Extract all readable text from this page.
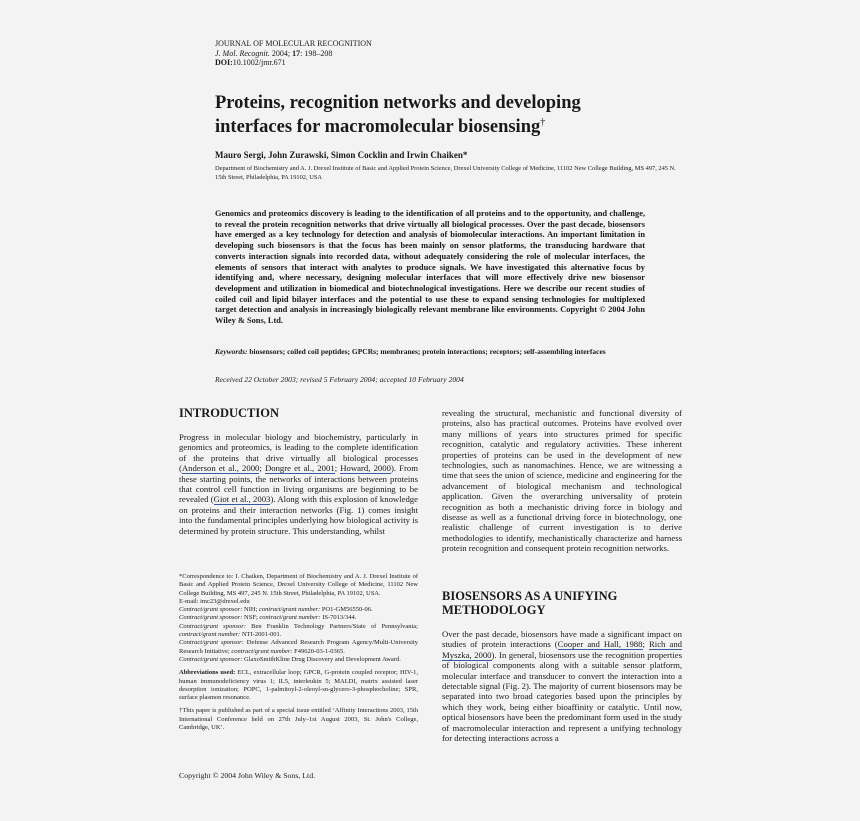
JOURNAL OF MOLECULAR RECOGNITION
J. Mol. Recognit. 2004; 17: 198–208
DOI:10.1002/jmr.671
Proteins, recognition networks and developing interfaces for macromolecular biosensing†
Mauro Sergi, John Zurawski, Simon Cocklin and Irwin Chaiken*
Department of Biochemistry and A. J. Drexel Institute of Basic and Applied Protein Science, Drexel University College of Medicine, 11102 New College Building, MS 497, 245 N. 15th Street, Philadelphia, PA 19102, USA
Genomics and proteomics discovery is leading to the identification of all proteins and to the opportunity, and challenge, to reveal the protein recognition networks that drive virtually all biological processes. Over the past decade, biosensors have emerged as a key technology for detection and analysis of biomolecular interactions. An important limitation in developing such biosensors is that the focus has been mainly on sensor platforms, the transducing hardware that converts interaction signals into recorded data, without adequately considering the role of molecular interfaces, the elements of sensors that interact with analytes to produce signals. We have investigated this alternative focus by identifying and, where necessary, designing molecular interfaces that will more effectively drive new biosensor development and utilization in biomedical and biotechnological investigations. Here we describe our recent studies of coiled coil and lipid bilayer interfaces and the potential to use these to expand sensing technologies for multiplexed target detection and analysis in increasingly biologically relevant membrane like environments. Copyright © 2004 John Wiley & Sons, Ltd.
Keywords: biosensors; coiled coil peptides; GPCRs; membranes; protein interactions; receptors; self-assembling interfaces
Received 22 October 2003; revised 5 February 2004; accepted 10 February 2004
INTRODUCTION
Progress in molecular biology and biochemistry, particularly in genomics and proteomics, is leading to the complete identification of the proteins that drive virtually all biological processes (Anderson et al., 2000; Dongre et al., 2001; Howard, 2000). From these starting points, the networks of interactions between proteins that control cell function in living organisms are beginning to be revealed (Giot et al., 2003). Along with this explosion of knowledge on proteins and their interaction networks (Fig. 1) comes insight into the fundamental principles underlying how biological activity is determined by protein structure. This understanding, whilst
*Correspondence to: I. Chaiken, Department of Biochemistry and A. J. Drexel Institute of Basic and Applied Protein Science, Drexel University College of Medicine, 11102 New College Building, MS 497, 245 N. 15th Street, Philadelphia, PA 19102, USA.
E-mail: imc23@drexel.edu
Contract/grant sponsor: NIH; contract/grant number: PO1-GM56550-06.
Contract/grant sponsor: NSF; contract/grant number: IS-7013/344.
Contract/grant sponsor: Ben Franklin Technology Partners/State of Pennsylvania; contract/grant number: NTI-2001-001.
Contract/grant sponsor: Defense Advanced Research Program Agency/Multi-University Research Initiative; contract/grant number: F49620-03-1-0365.
Contract/grant sponsor: GlaxoSmithKline Drug Discovery and Development Award.
Abbreviations used: ECL, extracellular loop; GPCR, G-protein coupled receptor; HIV-1, human immunodeficiency virus 1; IL5, interleukin 5; MALDI, matrix assisted laser desorption ionization; POPC, 1-palmitoyl-2-oleoyl-sn-glycero-3-phosphocholine; SPR, surface plasmon resonance.
†This paper is published as part of a special issue entitled ‘Affinity Interactions 2003, 15th International Conference held on 27th July–1st August 2003, St. John's College, Cambridge, UK’.
Copyright © 2004 John Wiley & Sons, Ltd.
revealing the structural, mechanistic and functional diversity of proteins, also has practical outcomes. Proteins have evolved over many millions of years into structures primed for specific recognition, catalytic and regulatory activities. These inherent properties of proteins can be used in the development of new technologies, such as nanomachines. Hence, we are witnessing a time that sees the union of science, medicine and engineering for the advancement of biological mechanism and technological application. Given the overarching universality of protein recognition as both a mechanistic driving force in biology and disease as well as a functional driving force in biotechnology, one realistic challenge of current investigation is to derive methodologies to identify, mechanistically characterize and harness protein recognition and consequent protein recognition networks.
BIOSENSORS AS A UNIFYING METHODOLOGY
Over the past decade, biosensors have made a significant impact on studies of protein interactions (Cooper and Hall, 1988; Rich and Myszka, 2000). In general, biosensors use the recognition properties of biological components along with a suitable sensor platform, molecular interface and transducer to convert the interaction into a detectable signal (Fig. 2). The majority of current biosensors may be separated into two broad categories based upon the principles by which they work, being either bioaffinity or catalytic. Until now, optical biosensors have been the predominant form used in the study of macromolecular interaction and represent a unifying technology for detecting interactions across a
